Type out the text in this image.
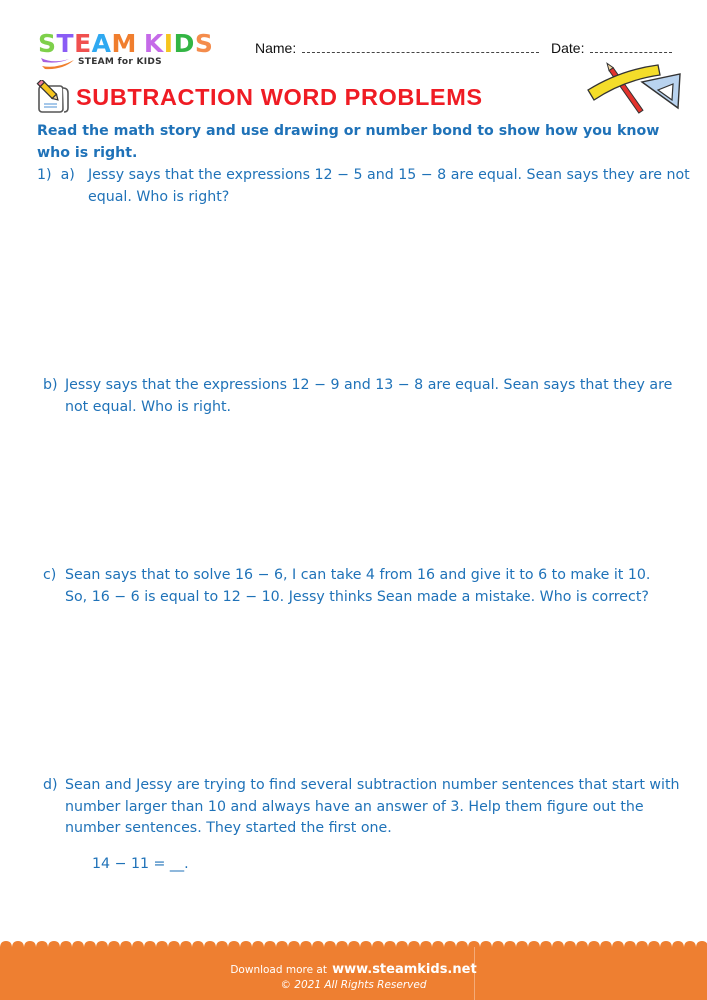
STEAM KIDS
STEAM for KIDS
Name:	Date:
SUBTRACTION WORD PROBLEMS
Read the math story and use drawing or number bond to show how you know who is right.
1) a) Jessy says that the expressions 12 − 5 and 15 − 8 are equal. Sean says they are not equal. Who is right?
b) Jessy says that the expressions 12 − 9 and 13 − 8 are equal. Sean says that they are not equal. Who is right.
c) Sean says that to solve 16 − 6, I can take 4 from 16 and give it to 6 to make it 10. So, 16 − 6 is equal to 12 − 10. Jessy thinks Sean made a mistake. Who is correct?
d) Sean and Jessy are trying to find several subtraction number sentences that start with number larger than 10 and always have an answer of 3. Help them figure out the number sentences. They started the first one.
14 − 11 = __.
Download more at www.steamkids.net
© 2021 All Rights Reserved
